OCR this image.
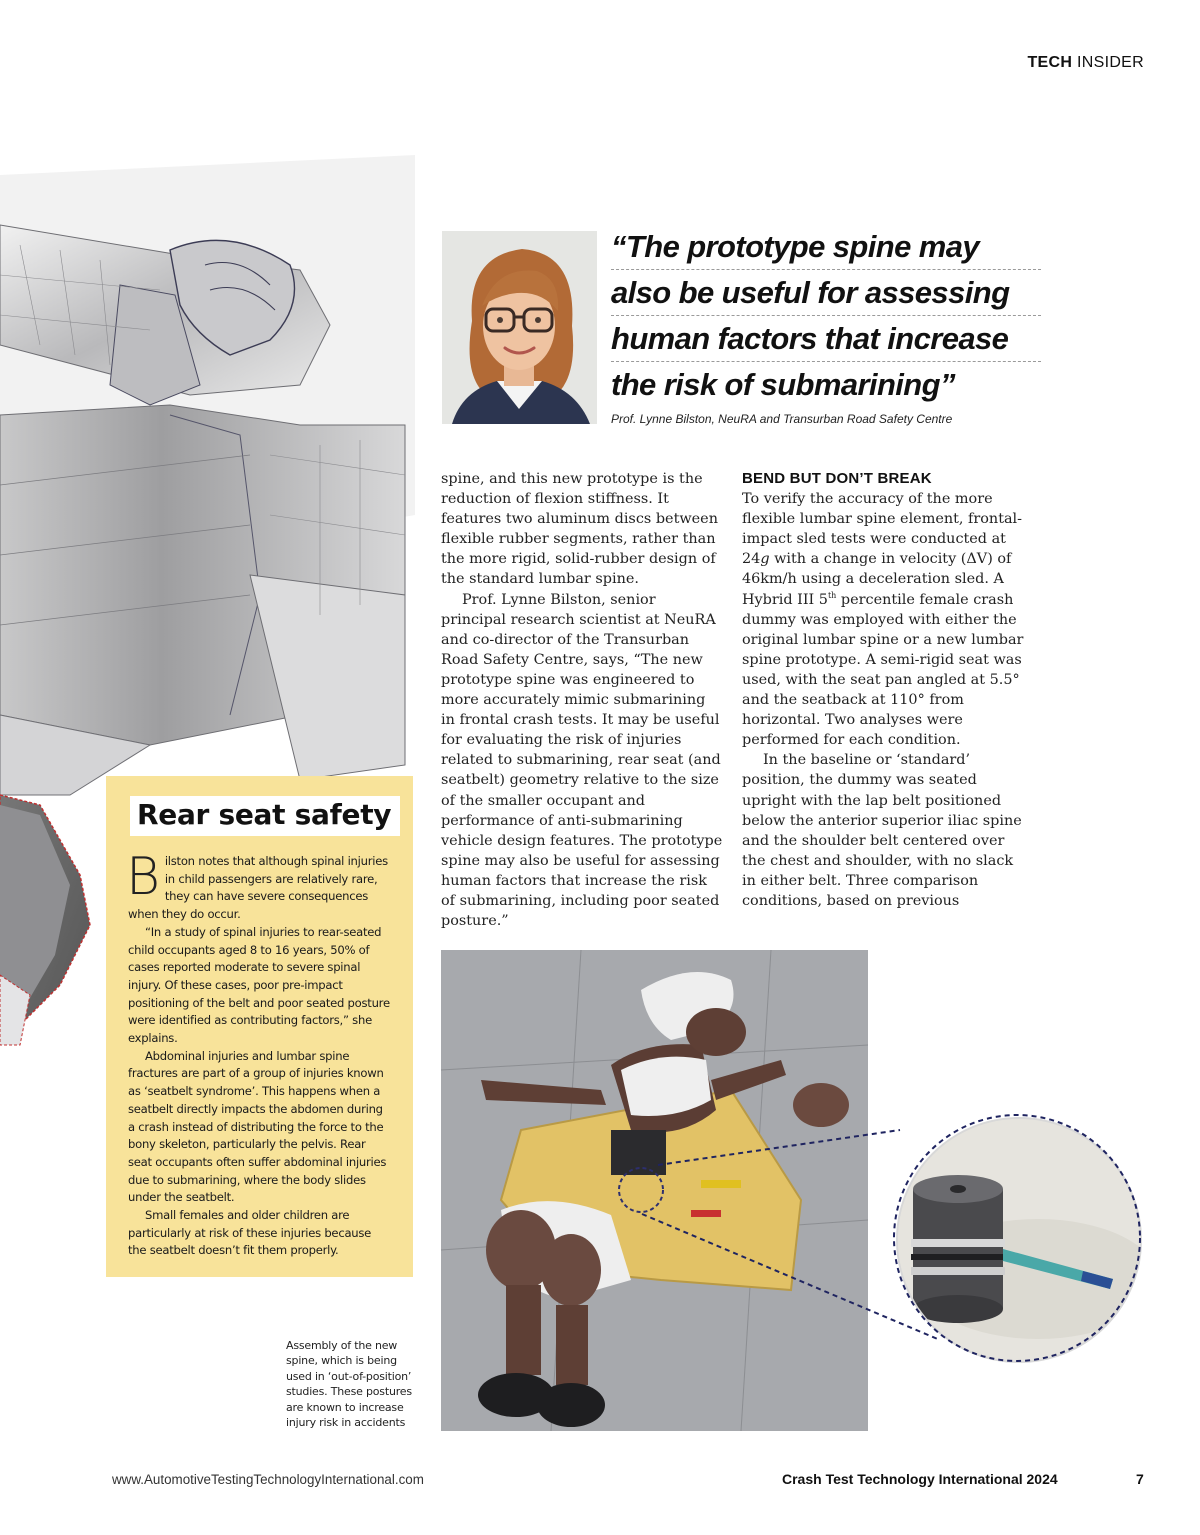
TECH INSIDER
“The prototype spine may
also be useful for assessing
human factors that increase
the risk of submarining”
Prof. Lynne Bilston, NeuRA and Transurban Road Safety Centre

spine, and this new prototype is the reduction of flexion stiffness. It features two aluminum discs between flexible rubber segments, rather than the more rigid, solid-rubber design of the standard lumbar spine.

Prof. Lynne Bilston, senior principal research scientist at NeuRA and co-director of the Transurban Road Safety Centre, says, “The new prototype spine was engineered to more accurately mimic submarining in frontal crash tests. It may be useful for evaluating the risk of injuries related to submarining, rear seat (and seatbelt) geometry relative to the size of the smaller occupant and performance of anti-submarining vehicle design features. The prototype spine may also be useful for assessing human factors that increase the risk of submarining, including poor seated posture.”

BEND BUT DON’T BREAK

To verify the accuracy of the more flexible lumbar spine element, frontal-impact sled tests were conducted at 24g with a change in velocity (ΔV) of 46km/h using a deceleration sled. A Hybrid III 5th percentile female crash dummy was employed with either the original lumbar spine or a new lumbar spine prototype. A semi-rigid seat was used, with the seat pan angled at 5.5° and the seatback at 110° from horizontal. Two analyses were performed for each condition.

In the baseline or ‘standard’ position, the dummy was seated upright with the lap belt positioned below the anterior superior iliac spine and the shoulder belt centered over the chest and shoulder, with no slack in either belt. Three comparison conditions, based on previous

Rear seat safety

Bilston notes that although spinal injuries in child passengers are relatively rare, they can have severe consequences when they do occur.

“In a study of spinal injuries to rear-seated child occupants aged 8 to 16 years, 50% of cases reported moderate to severe spinal injury. Of these cases, poor pre-impact positioning of the belt and poor seated posture were identified as contributing factors,” she explains.

Abdominal injuries and lumbar spine fractures are part of a group of injuries known as ‘seatbelt syndrome’. This happens when a seatbelt directly impacts the abdomen during a crash instead of distributing the force to the bony skeleton, particularly the pelvis. Rear seat occupants often suffer abdominal injuries due to submarining, where the body slides under the seatbelt.

Small females and older children are particularly at risk of these injuries because the seatbelt doesn’t fit them properly.

Assembly of the new spine, which is being used in ‘out-of-position’ studies. These postures are known to increase injury risk in accidents
www.AutomotiveTestingTechnologyInternational.com	Crash Test Technology International 2024	7
